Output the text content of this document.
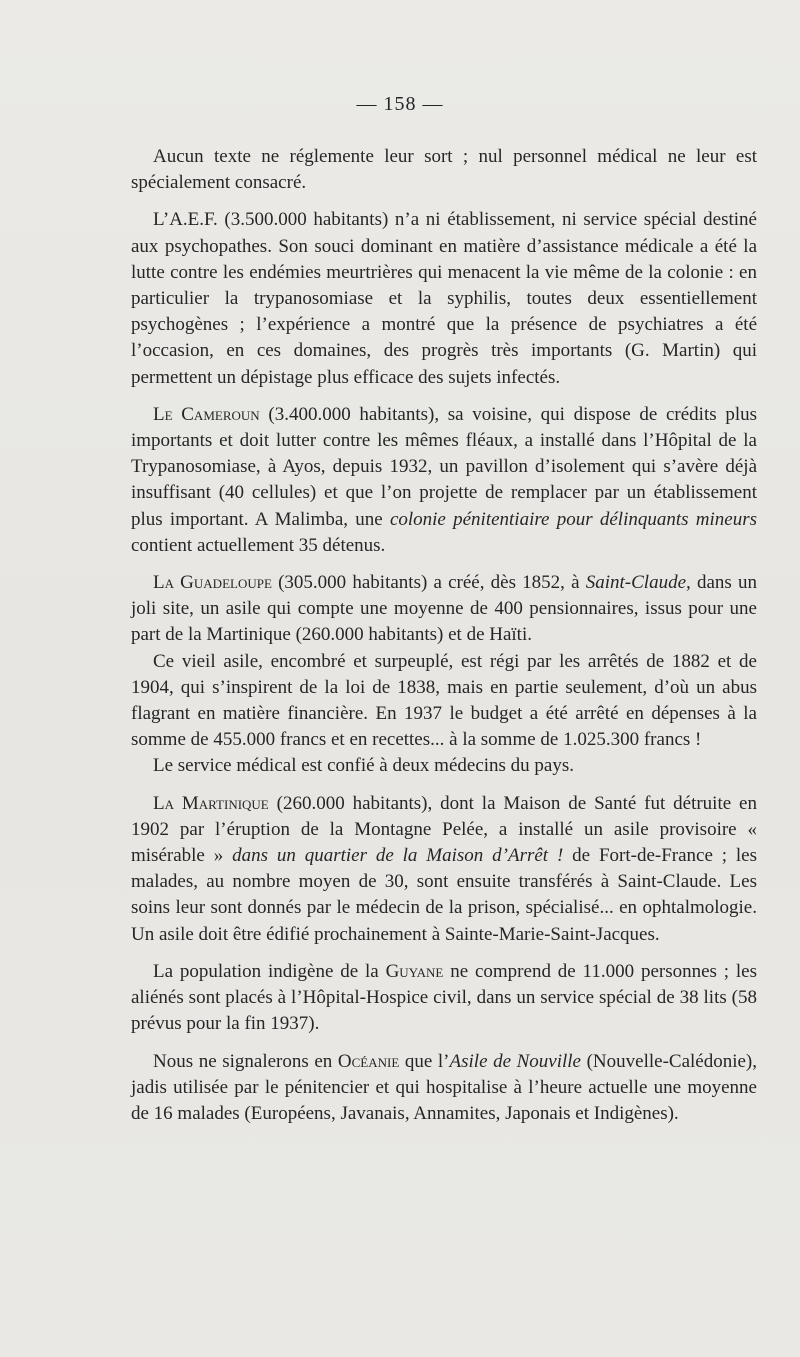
— 158 —

Aucun texte ne réglemente leur sort ; nul personnel médical ne leur est spécialement consacré.

L’A.E.F. (3.500.000 habitants) n’a ni établissement, ni service spécial destiné aux psychopathes. Son souci dominant en matière d’assistance médicale a été la lutte contre les endémies meurtrières qui menacent la vie même de la colonie : en particulier la trypanosomiase et la syphilis, toutes deux essentiellement psychogènes ; l’expérience a montré que la présence de psychiatres a été l’occasion, en ces domaines, des progrès très importants (G. Martin) qui permettent un dépistage plus efficace des sujets infectés.

Le Cameroun (3.400.000 habitants), sa voisine, qui dispose de crédits plus importants et doit lutter contre les mêmes fléaux, a installé dans l’Hôpital de la Trypanosomiase, à Ayos, depuis 1932, un pavillon d’isolement qui s’avère déjà insuffisant (40 cellules) et que l’on projette de remplacer par un établissement plus important. A Malimba, une colonie pénitentiaire pour délinquants mineurs contient actuellement 35 détenus.

La Guadeloupe (305.000 habitants) a créé, dès 1852, à Saint-Claude, dans un joli site, un asile qui compte une moyenne de 400 pensionnaires, issus pour une part de la Martinique (260.000 habitants) et de Haïti.

Ce vieil asile, encombré et surpeuplé, est régi par les arrêtés de 1882 et de 1904, qui s’inspirent de la loi de 1838, mais en partie seulement, d’où un abus flagrant en matière financière. En 1937 le budget a été arrêté en dépenses à la somme de 455.000 francs et en recettes... à la somme de 1.025.300 francs !

Le service médical est confié à deux médecins du pays.

La Martinique (260.000 habitants), dont la Maison de Santé fut détruite en 1902 par l’éruption de la Montagne Pelée, a installé un asile provisoire « misérable » dans un quartier de la Maison d’Arrêt ! de Fort-de-France ; les malades, au nombre moyen de 30, sont ensuite transférés à Saint-Claude. Les soins leur sont donnés par le médecin de la prison, spécialisé... en ophtalmologie. Un asile doit être édifié prochainement à Sainte-Marie-Saint-Jacques.

La population indigène de la Guyane ne comprend de 11.000 personnes ; les aliénés sont placés à l’Hôpital-Hospice civil, dans un service spécial de 38 lits (58 prévus pour la fin 1937).

Nous ne signalerons en Océanie que l’Asile de Nouville (Nouvelle-Calédonie), jadis utilisée par le pénitencier et qui hospitalise à l’heure actuelle une moyenne de 16 malades (Européens, Javanais, Annamites, Japonais et Indigènes).
